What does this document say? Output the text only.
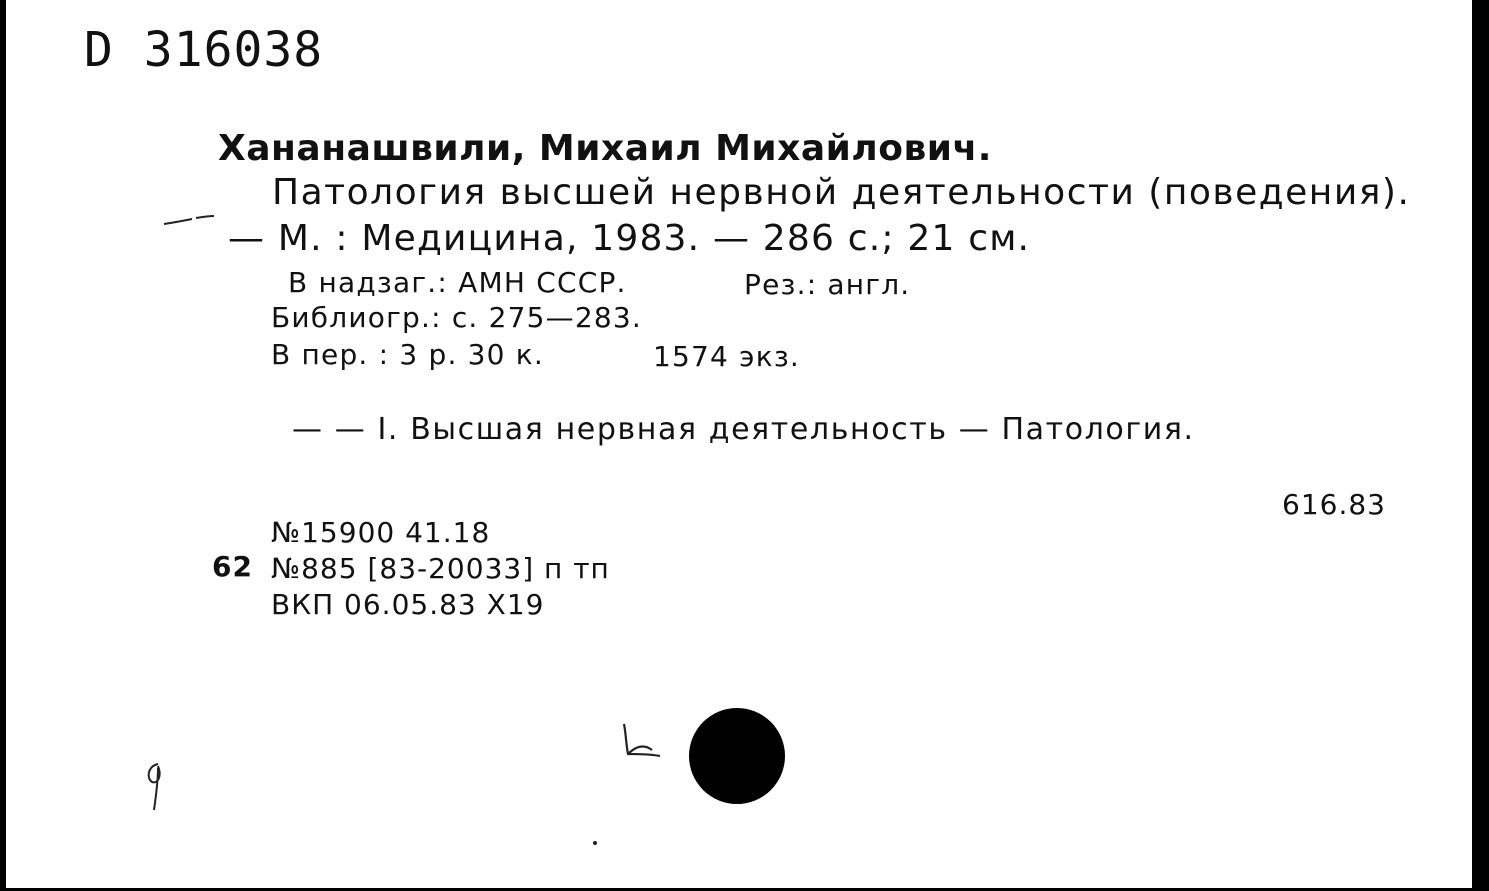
D 316038
Хананашвили, Михаил Михайлович.
Патология высшей нервной деятельности (поведения).
— М. : Медицина, 1983. — 286 с.; 21 см.
В надзаг.: АМН СССР.	Рез.: англ.
Библиогр.: с. 275—283.
В пер. : 3 р. 30 к.	1574 экз.
— — I. Высшая нервная деятельность — Патология.
616.83
№15900 41.18
62 №885 [83-20033] п тп
ВКП 06.05.83 X19
